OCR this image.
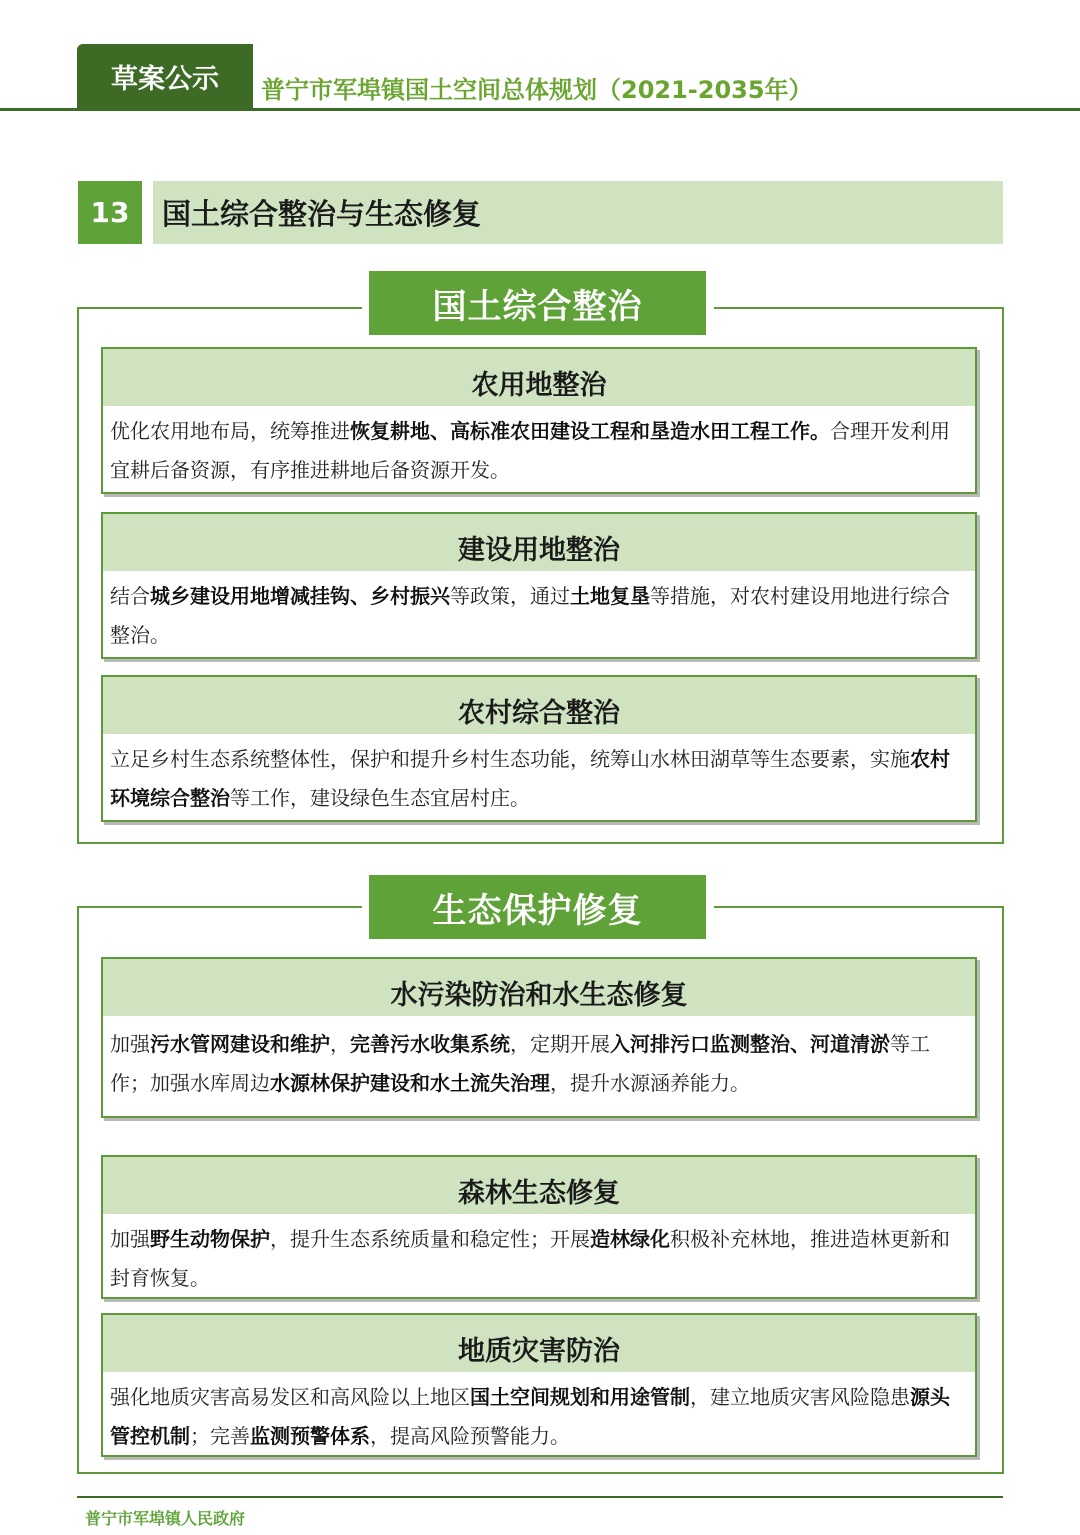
草案公示	普宁市军埠镇国土空间总体规划（2021-2035年）
13	国土综合整治与生态修复
国土综合整治
农用地整治
优化农用地布局，统筹推进恢复耕地、高标准农田建设工程和垦造水田工程工作。合理开发利用宜耕后备资源，有序推进耕地后备资源开发。
建设用地整治
结合城乡建设用地增减挂钩、乡村振兴等政策，通过土地复垦等措施，对农村建设用地进行综合整治。
农村综合整治
立足乡村生态系统整体性，保护和提升乡村生态功能，统筹山水林田湖草等生态要素，实施农村环境综合整治等工作，建设绿色生态宜居村庄。
生态保护修复
水污染防治和水生态修复
加强污水管网建设和维护，完善污水收集系统，定期开展入河排污口监测整治、河道清淤等工作；加强水库周边水源林保护建设和水土流失治理，提升水源涵养能力。
森林生态修复
加强野生动物保护，提升生态系统质量和稳定性；开展造林绿化积极补充林地，推进造林更新和封育恢复。
地质灾害防治
强化地质灾害高易发区和高风险以上地区国土空间规划和用途管制，建立地质灾害风险隐患源头管控机制；完善监测预警体系，提高风险预警能力。
普宁市军埠镇人民政府
